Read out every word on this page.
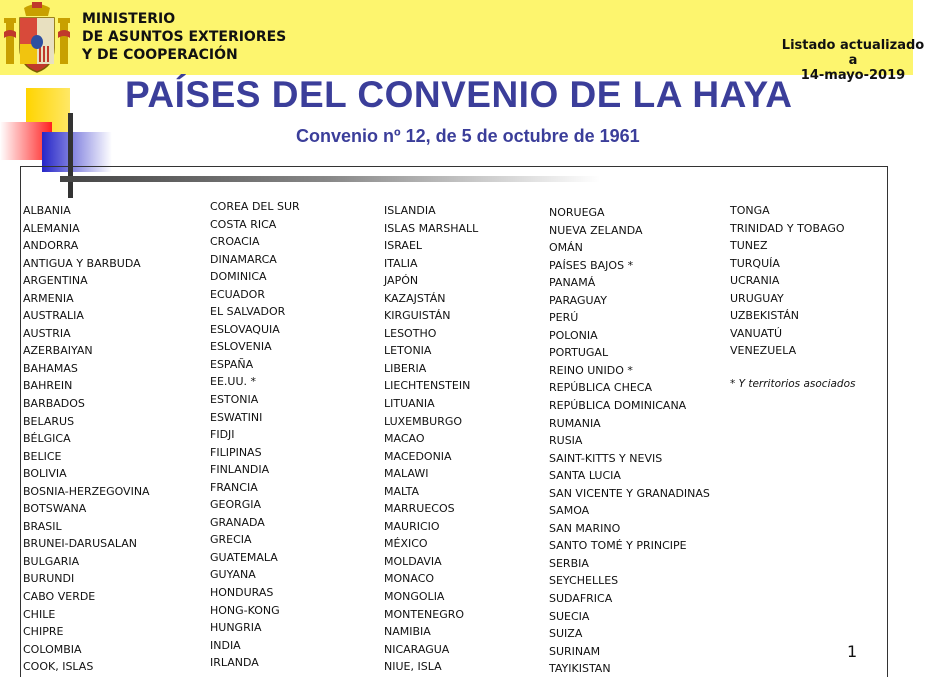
MINISTERIO
DE ASUNTOS EXTERIORES
Y DE COOPERACIÓN
Listado actualizado
a
14-mayo-2019
PAÍSES DEL CONVENIO DE LA HAYA
Convenio nº 12, de 5 de octubre de 1961
ALBANIA
ALEMANIA
ANDORRA
ANTIGUA Y BARBUDA
ARGENTINA
ARMENIA
AUSTRALIA
AUSTRIA
AZERBAIYAN
BAHAMAS
BAHREIN
BARBADOS
BELARUS
BÉLGICA
BELICE
BOLIVIA
BOSNIA-HERZEGOVINA
BOTSWANA
BRASIL
BRUNEI-DARUSALAN
BULGARIA
BURUNDI
CABO VERDE
CHILE
CHIPRE
COLOMBIA
COOK, ISLAS
COREA DEL SUR
COSTA RICA
CROACIA
DINAMARCA
DOMINICA
ECUADOR
EL SALVADOR
ESLOVAQUIA
ESLOVENIA
ESPAÑA
EE.UU. *
ESTONIA
ESWATINI
FIDJI
FILIPINAS
FINLANDIA
FRANCIA
GEORGIA
GRANADA
GRECIA
GUATEMALA
GUYANA
HONDURAS
HONG-KONG
HUNGRIA
INDIA
IRLANDA
ISLANDIA
ISLAS MARSHALL
ISRAEL
ITALIA
JAPÓN
KAZAJSTÁN
KIRGUISTÁN
LESOTHO
LETONIA
LIBERIA
LIECHTENSTEIN
LITUANIA
LUXEMBURGO
MACAO
MACEDONIA
MALAWI
MALTA
MARRUECOS
MAURICIO
MÉXICO
MOLDAVIA
MONACO
MONGOLIA
MONTENEGRO
NAMIBIA
NICARAGUA
NIUE, ISLA
NORUEGA
NUEVA ZELANDA
OMÁN
PAÍSES BAJOS *
PANAMÁ
PARAGUAY
PERÚ
POLONIA
PORTUGAL
REINO UNIDO *
REPÚBLICA CHECA
REPÚBLICA DOMINICANA
RUMANIA
RUSIA
SAINT-KITTS Y NEVIS
SANTA LUCIA
SAN VICENTE Y GRANADINAS
SAMOA
SAN MARINO
SANTO TOMÉ Y PRINCIPE
SERBIA
SEYCHELLES
SUDAFRICA
SUECIA
SUIZA
SURINAM
TAYIKISTAN
TONGA
TRINIDAD Y TOBAGO
TUNEZ
TURQUÍA
UCRANIA
URUGUAY
UZBEKISTÁN
VANUATÚ
VENEZUELA
* Y territorios asociados
1
